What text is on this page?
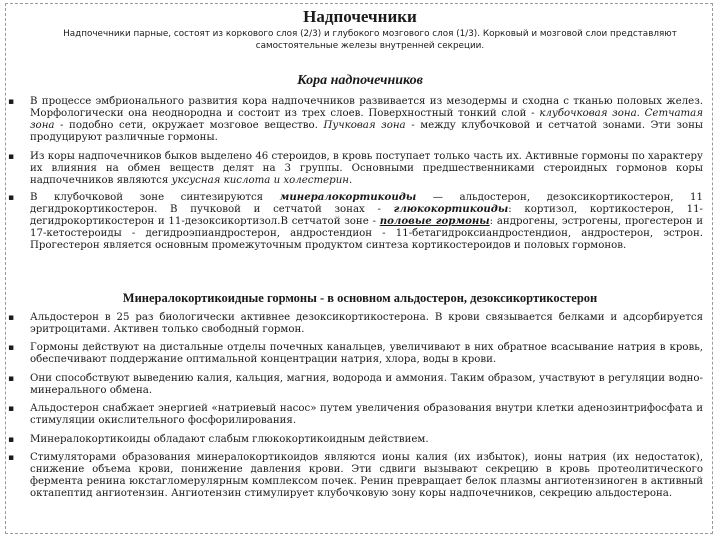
Надпочечники
Надпочечники парные, состоят из коркового слоя (2/3) и глубокого мозгового слоя (1/3). Корковый и мозговой слои представляют самостоятельные железы внутренней секреции.
Кора надпочечников
▪ В процессе эмбрионального развития кора надпочечников развивается из мезодермы и сходна с тканью половых желез. Морфологически она неоднородна и состоит из трех слоев. Поверхностный тонкий слой - клубочковая зона. Сетчатая зона - подобно сети, окружает мозговое вещество. Пучковая зона - между клубочковой и сетчатой зонами. Эти зоны продуцируют различные гормоны.
▪ Из коры надпочечников быков выделено 46 стероидов, в кровь поступает только часть их. Активные гормоны по характеру их влияния на обмен веществ делят на 3 группы. Основными предшественниками стероидных гормонов коры надпочечников являются уксусная кислота и холестерин.
▪ В клубочковой зоне синтезируются минералокортикоиды — альдостерон, дезоксикортикостерон, 11 дегидрокортикостерон. В пучковой и сетчатой зонах - глюкокортикоиды: кортизол, кортикостерон, 11-дегидрокортикостерон и 11-дезоксикортизол.В сетчатой зоне - половые гормоны: андрогены, эстрогены, прогестерон и 17-кетостероиды - дегидроэпиандростерон, андростендион - 11-бетагидроксиандростендион, андростерон, эстрон. Прогестерон является основным промежуточным продуктом синтеза кортикостероидов и половых гормонов.
Минералокортикоидные гормоны - в основном альдостерон, дезоксикортикостерон
▪ Альдостерон в 25 раз биологически активнее дезоксикортикостерона. В крови связывается белками и адсорбируется эритроцитами. Активен только свободный гормон.
▪ Гормоны действуют на дистальные отделы почечных канальцев, увеличивают в них обратное всасывание натрия в кровь, обеспечивают поддержание оптимальной концентрации натрия, хлора, воды в крови.
▪ Они способствуют выведению калия, кальция, магния, водорода и аммония. Таким образом, участвуют в регуляции водно-минерального обмена.
▪ Альдостерон снабжает энергией «натриевый насос» путем увеличения образования внутри клетки аденозинтрифосфата и стимуляции окислительного фосфорилирования.
▪ Минералокортикоиды обладают слабым глюкокортикоидным действием.
▪ Стимуляторами образования минералокортикоидов являются ионы калия (их избыток), ионы натрия (их недостаток), снижение объема крови, понижение давления крови. Эти сдвиги вызывают секрецию в кровь протеолитического фермента ренина юкстагломерулярным комплексом почек. Ренин превращает белок плазмы ангиотензиноген в активный октапептид ангиотензин. Ангиотензин стимулирует клубочковую зону коры надпочечников, секрецию альдостерона.
